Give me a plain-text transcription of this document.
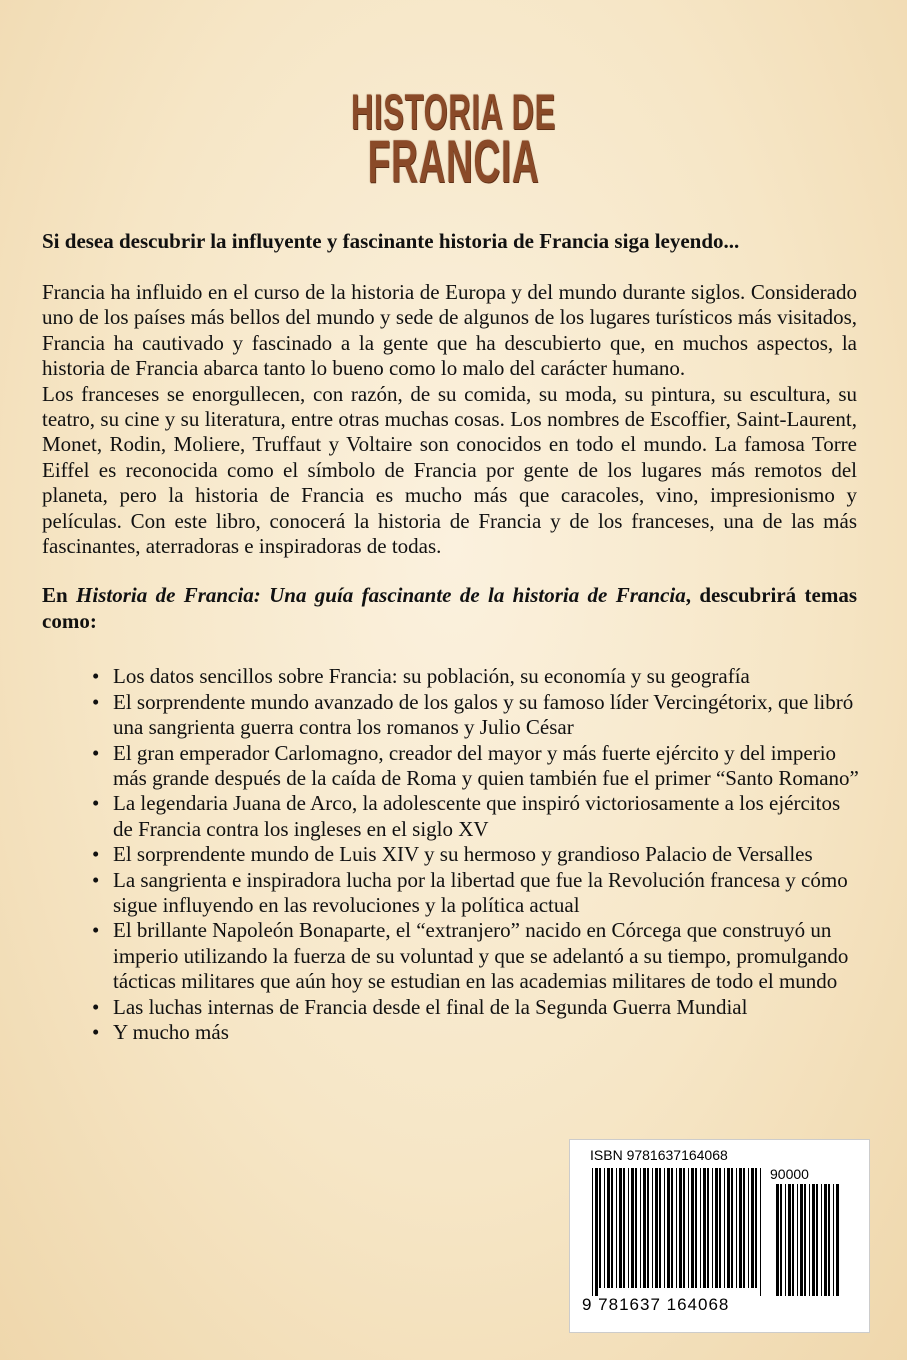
HISTORIA DE
FRANCIA

Si desea descubrir la influyente y fascinante historia de Francia siga leyendo...

Francia ha influido en el curso de la historia de Europa y del mundo durante siglos. Considerado uno de los países más bellos del mundo y sede de algunos de los lugares turísticos más visitados, Francia ha cautivado y fascinado a la gente que ha descubierto que, en muchos aspectos, la historia de Francia abarca tanto lo bueno como lo malo del carácter humano.

Los franceses se enorgullecen, con razón, de su comida, su moda, su pintura, su escultura, su teatro, su cine y su literatura, entre otras muchas cosas. Los nombres de Escoffier, Saint-Laurent, Monet, Rodin, Moliere, Truffaut y Voltaire son conocidos en todo el mundo. La famosa Torre Eiffel es reconocida como el símbolo de Francia por gente de los lugares más remotos del planeta, pero la historia de Francia es mucho más que caracoles, vino, impresionismo y películas. Con este libro, conocerá la historia de Francia y de los franceses, una de las más fascinantes, aterradoras e inspiradoras de todas.

En Historia de Francia: Una guía fascinante de la historia de Francia, descubrirá temas como:

• Los datos sencillos sobre Francia: su población, su economía y su geografía
• El sorprendente mundo avanzado de los galos y su famoso líder Vercingétorix, que libró una sangrienta guerra contra los romanos y Julio César
• El gran emperador Carlomagno, creador del mayor y más fuerte ejército y del imperio más grande después de la caída de Roma y quien también fue el primer “Santo Romano”
• La legendaria Juana de Arco, la adolescente que inspiró victoriosamente a los ejércitos de Francia contra los ingleses en el siglo XV
• El sorprendente mundo de Luis XIV y su hermoso y grandioso Palacio de Versalles
• La sangrienta e inspiradora lucha por la libertad que fue la Revolución francesa y cómo sigue influyendo en las revoluciones y la política actual
• El brillante Napoleón Bonaparte, el “extranjero” nacido en Córcega que construyó un imperio utilizando la fuerza de su voluntad y que se adelantó a su tiempo, promulgando tácticas militares que aún hoy se estudian en las academias militares de todo el mundo
• Las luchas internas de Francia desde el final de la Segunda Guerra Mundial
• Y mucho más
ISBN 9781637164068
90000
9 781637 164068
